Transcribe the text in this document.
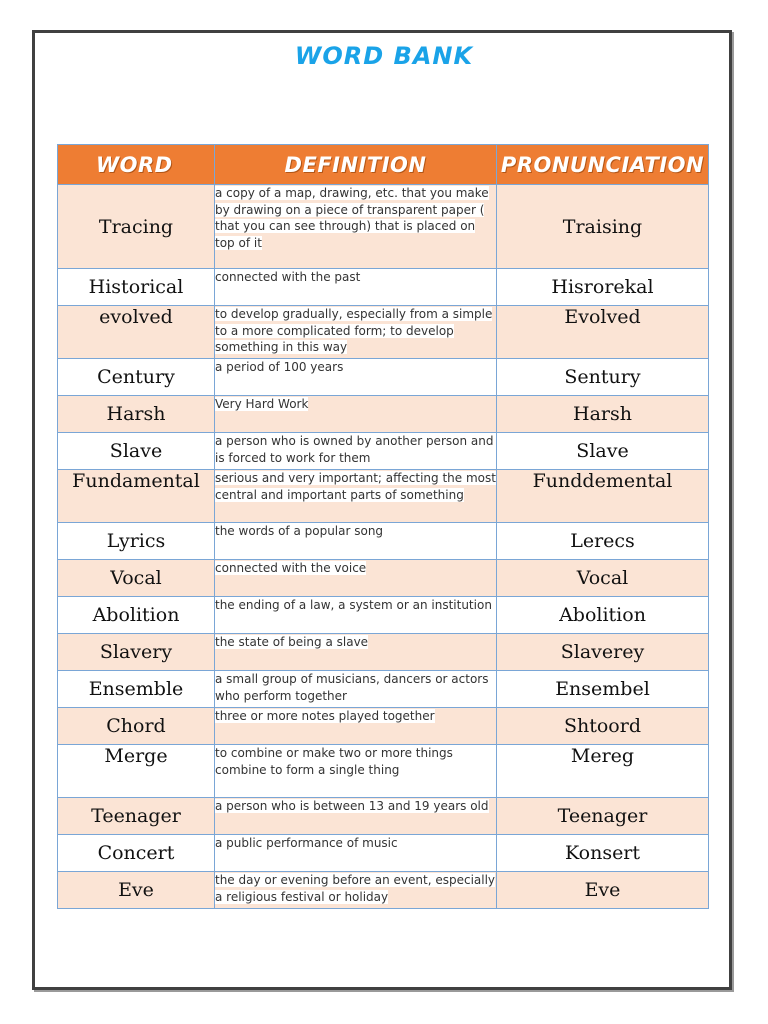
WORD BANK
WORD	DEFINITION	PRONUNCIATION
Tracing	a copy of a map, drawing, etc. that you make by drawing on a piece of transparent paper ( that you can see through) that is placed on top of it	Traising
Historical	connected with the past	Hisrorekal
evolved	to develop gradually, especially from a simple to a more complicated form; to develop something in this way	Evolved
Century	a period of 100 years	Sentury
Harsh	Very Hard Work	Harsh
Slave	a person who is owned by another person and is forced to work for them	Slave
Fundamental	serious and very important; affecting the most central and important parts of something	Funddemental
Lyrics	the words of a popular song	Lerecs
Vocal	connected with the voice	Vocal
Abolition	the ending of a law, a system or an institution	Abolition
Slavery	the state of being a slave	Slaverey
Ensemble	a small group of musicians, dancers or actors who perform together	Ensembel
Chord	three or more notes played together	Shtoord
Merge	to combine or make two or more things combine to form a single thing	Mereg
Teenager	a person who is between 13 and 19 years old	Teenager
Concert	a public performance of music	Konsert
Eve	the day or evening before an event, especially a religious festival or holiday	Eve
